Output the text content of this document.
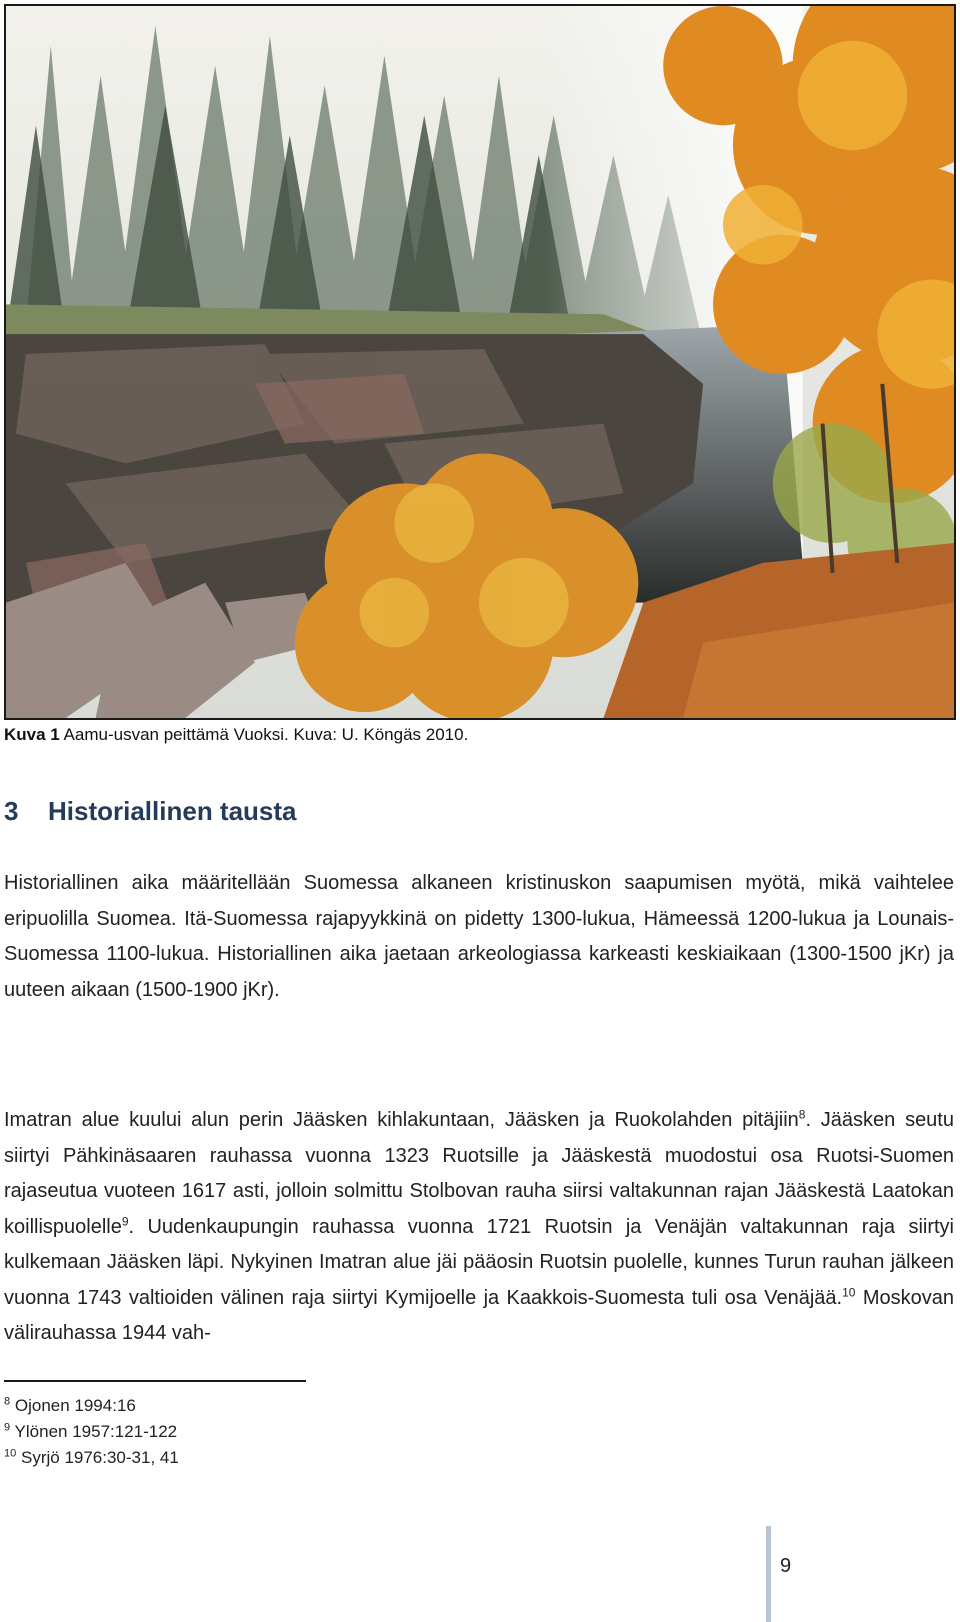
Kuva 1 Aamu-usvan peittämä Vuoksi. Kuva: U. Köngäs 2010.
3 Historiallinen tausta
Historiallinen aika määritellään Suomessa alkaneen kristinuskon saapumisen myötä, mikä vaihtelee eripuolilla Suomea. Itä-Suomessa rajapyykkinä on pidetty 1300-lukua, Hämeessä 1200-lukua ja Lounais-Suomessa 1100-lukua. Historiallinen aika jaetaan arkeologiassa karkeasti keskiaikaan (1300-1500 jKr) ja uuteen aikaan (1500-1900 jKr).
Imatran alue kuului alun perin Jääsken kihlakuntaan, Jääsken ja Ruokolahden pitäjiin$^8$. Jääsken seutu siirtyi Pähkinäsaaren rauhassa vuonna 1323 Ruotsille ja Jääskestä muodostui osa Ruotsi-Suomen rajaseutua vuoteen 1617 asti, jolloin solmittu Stolbovan rauha siirsi valtakunnan rajan Jääskestä Laatokan koillispuolelle$^9$. Uudenkaupungin rauhassa vuonna 1721 Ruotsin ja Venäjän valtakunnan raja siirtyi kulkemaan Jääsken läpi. Nykyinen Imatran alue jäi pääosin Ruotsin puolelle, kunnes Turun rauhan jälkeen vuonna 1743 valtioiden välinen raja siirtyi Kymijoelle ja Kaakkois-Suomesta tuli osa Venäjää.$^{10}$ Moskovan välirauhassa 1944 vah-
$^8$ Ojonen 1994:16
$^9$ Ylönen 1957:121-122
$^{10}$ Syrjö 1976:30-31, 41
9
